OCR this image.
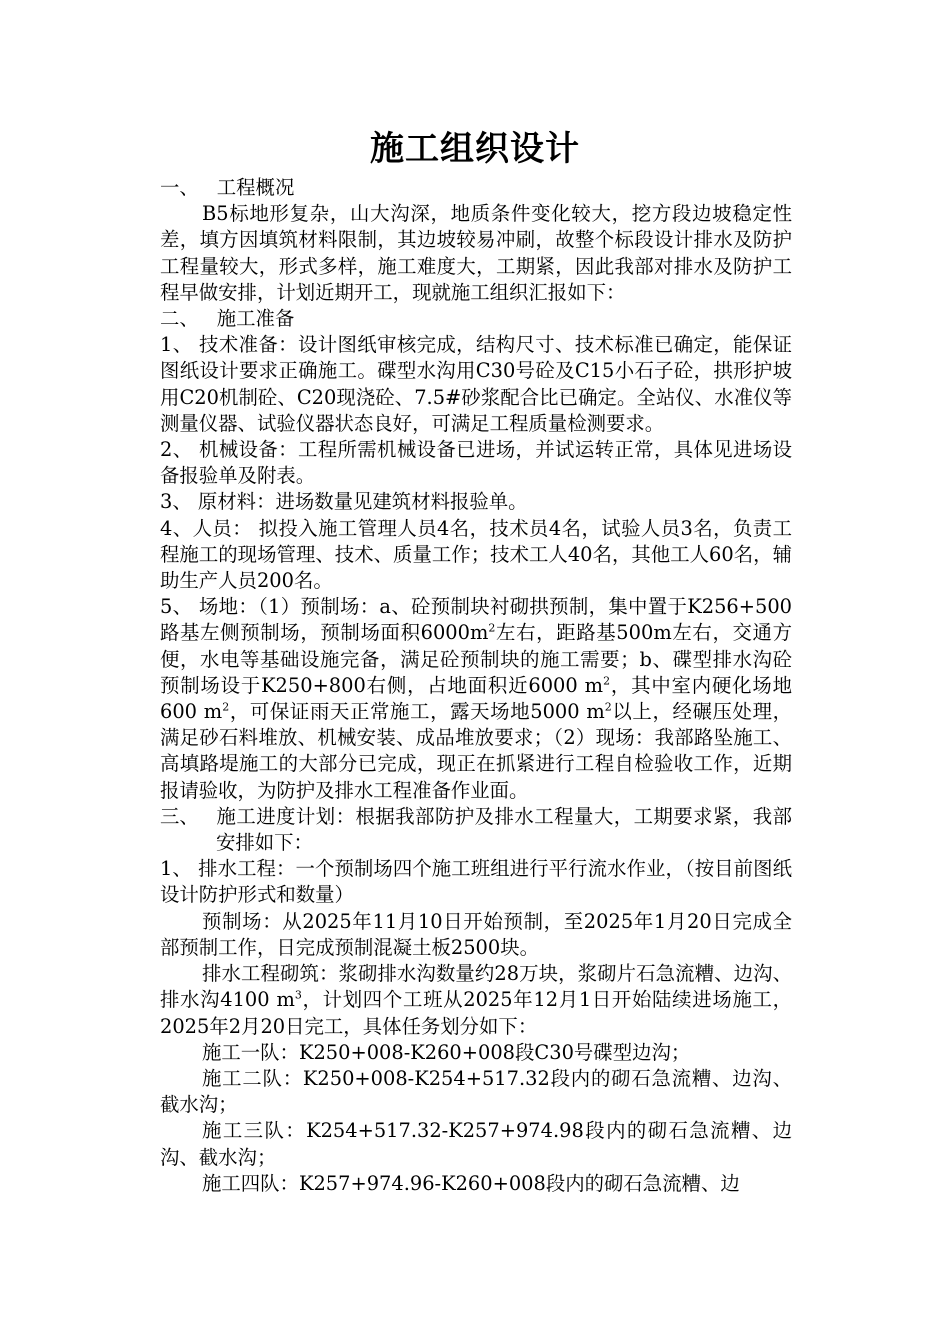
施工组织设计

一、 工程概况

B5标地形复杂，山大沟深，地质条件变化较大，挖方段边坡稳定性差，填方因填筑材料限制，其边坡较易冲刷，故整个标段设计排水及防护工程量较大，形式多样，施工难度大，工期紧，因此我部对排水及防护工程早做安排，计划近期开工，现就施工组织汇报如下：

二、 施工准备

1、 技术准备：设计图纸审核完成，结构尺寸、技术标准已确定，能保证图纸设计要求正确施工。碟型水沟用C30号砼及C15小石子砼，拱形护坡用C20机制砼、C20现浇砼、7.5#砂浆配合比已确定。全站仪、水准仪等测量仪器、试验仪器状态良好，可满足工程质量检测要求。

2、 机械设备：工程所需机械设备已进场，并试运转正常，具体见进场设备报验单及附表。

3、 原材料：进场数量见建筑材料报验单。

4、人员： 拟投入施工管理人员4名，技术员4名，试验人员3名，负责工程施工的现场管理、技术、质量工作；技术工人40名，其他工人60名，辅助生产人员200名。

5、 场地：（1）预制场：a、砼预制块衬砌拱预制，集中置于K256+500路基左侧预制场，预制场面积$6000m^2$左右，距路基500m左右，交通方便，水电等基础设施完备，满足砼预制块的施工需要；b、碟型排水沟砼预制场设于K250+800右侧，占地面积近6000 $m^2$，其中室内硬化场地600 $m^2$，可保证雨天正常施工，露天场地5000 $m^2$以上，经碾压处理，满足砂石料堆放、机械安装、成品堆放要求；（2）现场：我部路坠施工、高填路堤施工的大部分已完成，现正在抓紧进行工程自检验收工作，近期报请验收，为防护及排水工程准备作业面。

三、 施工进度计划：根据我部防护及排水工程量大，工期要求紧，我部安排如下：

1、 排水工程：一个预制场四个施工班组进行平行流水作业，（按目前图纸设计防护形式和数量）

预制场：从2025年11月10日开始预制，至2025年1月20日完成全部预制工作，日完成预制混凝土板2500块。

排水工程砌筑：浆砌排水沟数量约28万块，浆砌片石急流糟、边沟、排水沟4100 $m^3$，计划四个工班从2025年12月1日开始陆续进场施工，2025年2月20日完工，具体任务划分如下：

施工一队：K250+008-K260+008段C30号碟型边沟；

施工二队：K250+008-K254+517.32段内的砌石急流糟、边沟、截水沟；

施工三队：K254+517.32-K257+974.98段内的砌石急流糟、边沟、截水沟；

施工四队：K257+974.96-K260+008段内的砌石急流糟、边
